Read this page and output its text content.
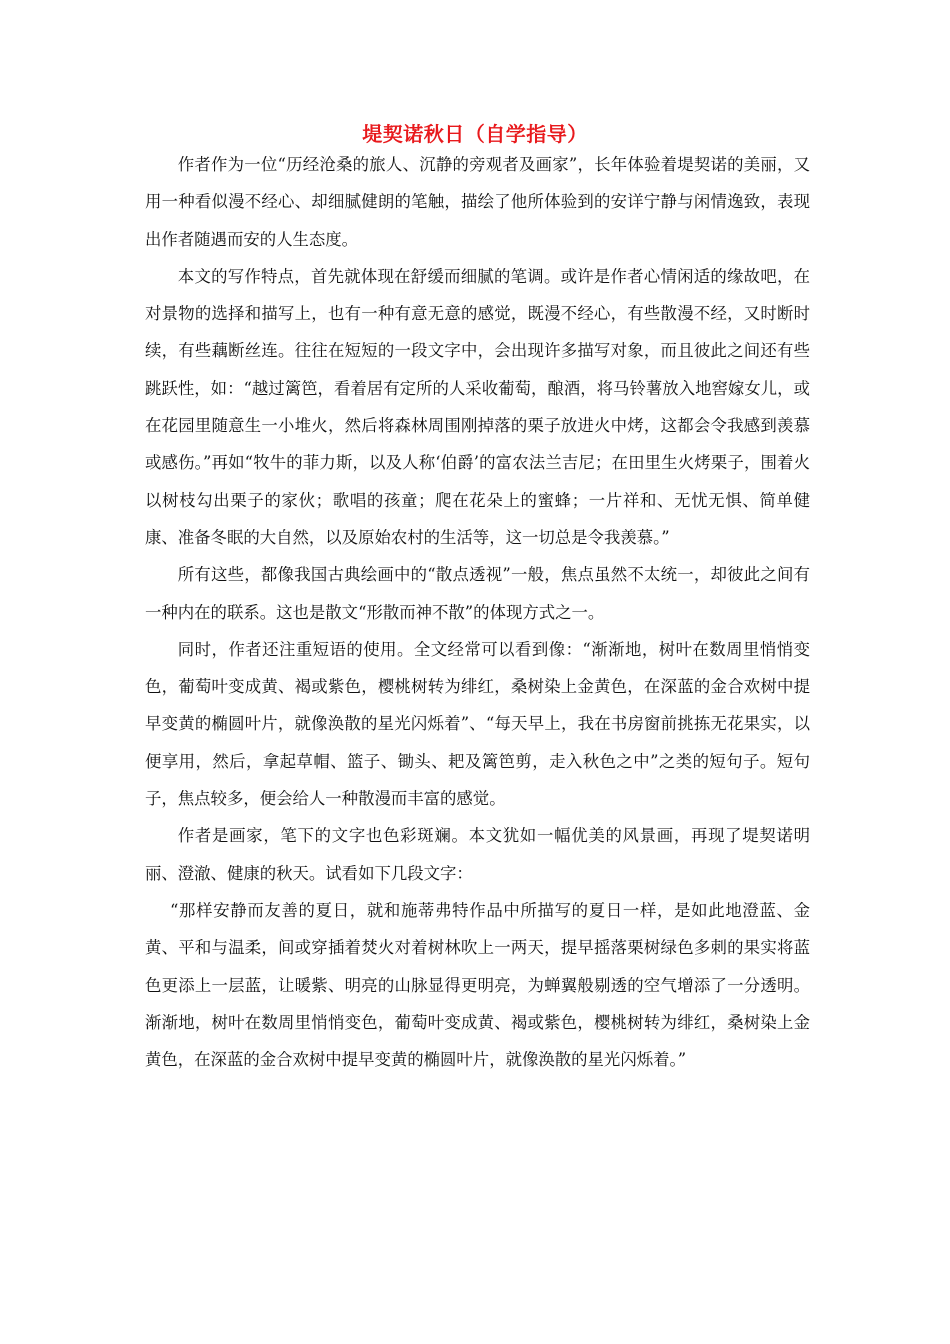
堤契诺秋日（自学指导）

作者作为一位“历经沧桑的旅人、沉静的旁观者及画家”，长年体验着堤契诺的美丽，又用一种看似漫不经心、却细腻健朗的笔触，描绘了他所体验到的安详宁静与闲情逸致，表现出作者随遇而安的人生态度。

本文的写作特点，首先就体现在舒缓而细腻的笔调。或许是作者心情闲适的缘故吧，在对景物的选择和描写上，也有一种有意无意的感觉，既漫不经心，有些散漫不经，又时断时续，有些藕断丝连。往往在短短的一段文字中，会出现许多描写对象，而且彼此之间还有些跳跃性，如：“越过篱笆，看着居有定所的人采收葡萄，酿酒，将马铃薯放入地窖嫁女儿，或在花园里随意生一小堆火，然后将森林周围刚掉落的栗子放进火中烤，这都会令我感到羡慕或感伤。”再如“牧牛的菲力斯，以及人称‘伯爵’的富农法兰吉尼；在田里生火烤栗子，围着火以树枝勾出栗子的家伙；歌唱的孩童；爬在花朵上的蜜蜂；一片祥和、无忧无惧、简单健康、准备冬眠的大自然，以及原始农村的生活等，这一切总是令我羡慕。”

所有这些，都像我国古典绘画中的“散点透视”一般，焦点虽然不太统一，却彼此之间有一种内在的联系。这也是散文“形散而神不散”的体现方式之一。

同时，作者还注重短语的使用。全文经常可以看到像：“渐渐地，树叶在数周里悄悄变色，葡萄叶变成黄、褐或紫色，樱桃树转为绯红，桑树染上金黄色，在深蓝的金合欢树中提早变黄的椭圆叶片，就像涣散的星光闪烁着”、“每天早上，我在书房窗前挑拣无花果实，以便享用，然后，拿起草帽、篮子、锄头、耙及篱笆剪，走入秋色之中”之类的短句子。短句子，焦点较多，便会给人一种散漫而丰富的感觉。

作者是画家，笔下的文字也色彩斑斓。本文犹如一幅优美的风景画，再现了堤契诺明丽、澄澈、健康的秋天。试看如下几段文字：

“那样安静而友善的夏日，就和施蒂弗特作品中所描写的夏日一样，是如此地澄蓝、金黄、平和与温柔，间或穿插着焚火对着树林吹上一两天，提早摇落栗树绿色多刺的果实将蓝色更添上一层蓝，让暖紫、明亮的山脉显得更明亮，为蝉翼般剔透的空气增添了一分透明。渐渐地，树叶在数周里悄悄变色，葡萄叶变成黄、褐或紫色，樱桃树转为绯红，桑树染上金黄色，在深蓝的金合欢树中提早变黄的椭圆叶片，就像涣散的星光闪烁着。”
